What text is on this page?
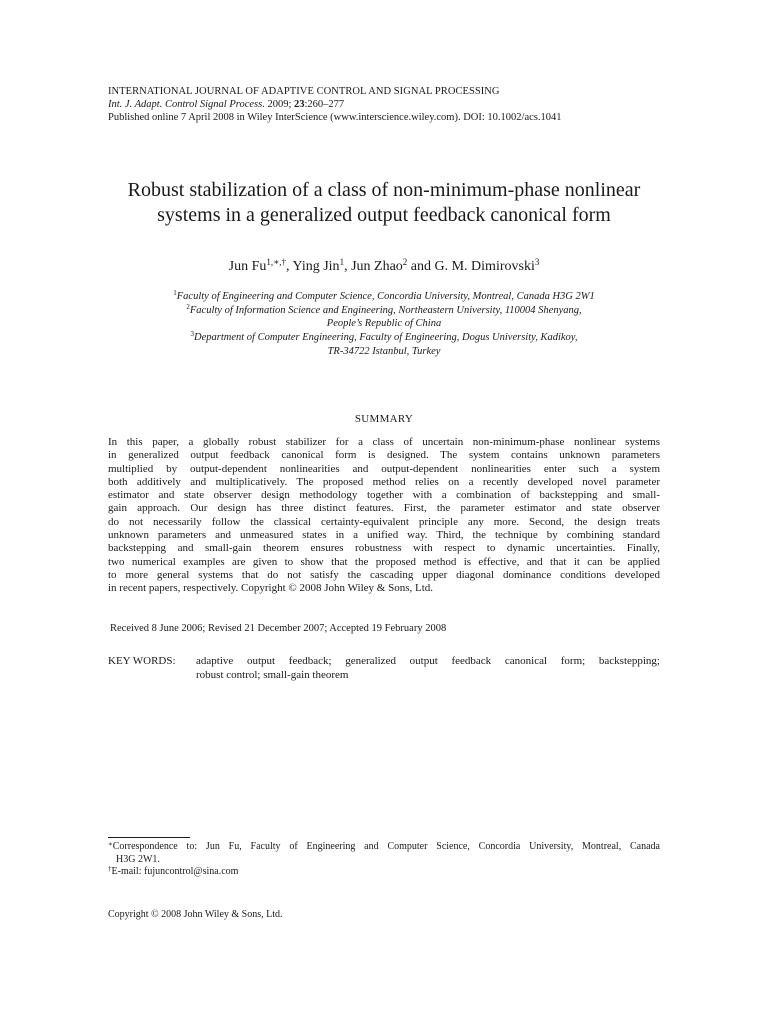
INTERNATIONAL JOURNAL OF ADAPTIVE CONTROL AND SIGNAL PROCESSING
Int. J. Adapt. Control Signal Process. 2009; 23:260–277
Published online 7 April 2008 in Wiley InterScience (www.interscience.wiley.com). DOI: 10.1002/acs.1041
Robust stabilization of a class of non-minimum-phase nonlinear
systems in a generalized output feedback canonical form
Jun $Fu^{1,∗,\dagger}$, Ying Jin$^1$, Jun Zhao$^2$ and G. M. Dimirovski$^3$
$^1$Faculty of Engineering and Computer Science, Concordia University, Montreal, Canada H3G 2W1
$^2$Faculty of Information Science and Engineering, Northeastern University, 110004 Shenyang,
People’s Republic of China
$^3$Department of Computer Engineering, Faculty of Engineering, Dogus University, Kadikoy,
TR-34722 Istanbul, Turkey
SUMMARY
In this paper, a globally robust stabilizer for a class of uncertain non-minimum-phase nonlinear systems
in generalized output feedback canonical form is designed. The system contains unknown parameters
multiplied by output-dependent nonlinearities and output-dependent nonlinearities enter such a system
both additively and multiplicatively. The proposed method relies on a recently developed novel parameter
estimator and state observer design methodology together with a combination of backstepping and small-
gain approach. Our design has three distinct features. First, the parameter estimator and state observer
do not necessarily follow the classical certainty-equivalent principle any more. Second, the design treats
unknown parameters and unmeasured states in a unified way. Third, the technique by combining standard
backstepping and small-gain theorem ensures robustness with respect to dynamic uncertainties. Finally,
two numerical examples are given to show that the proposed method is effective, and that it can be applied
to more general systems that do not satisfy the cascading upper diagonal dominance conditions developed
in recent papers, respectively. Copyright © 2008 John Wiley & Sons, Ltd.
Received 8 June 2006; Revised 21 December 2007; Accepted 19 February 2008
KEY WORDS: adaptive output feedback; generalized output feedback canonical form; backstepping;
robust control; small-gain theorem
∗Correspondence to: Jun Fu, Faculty of Engineering and Computer Science, Concordia University, Montreal, Canada
H3G 2W1.
†E-mail: fujuncontrol@sina.com
Copyright © 2008 John Wiley & Sons, Ltd.
